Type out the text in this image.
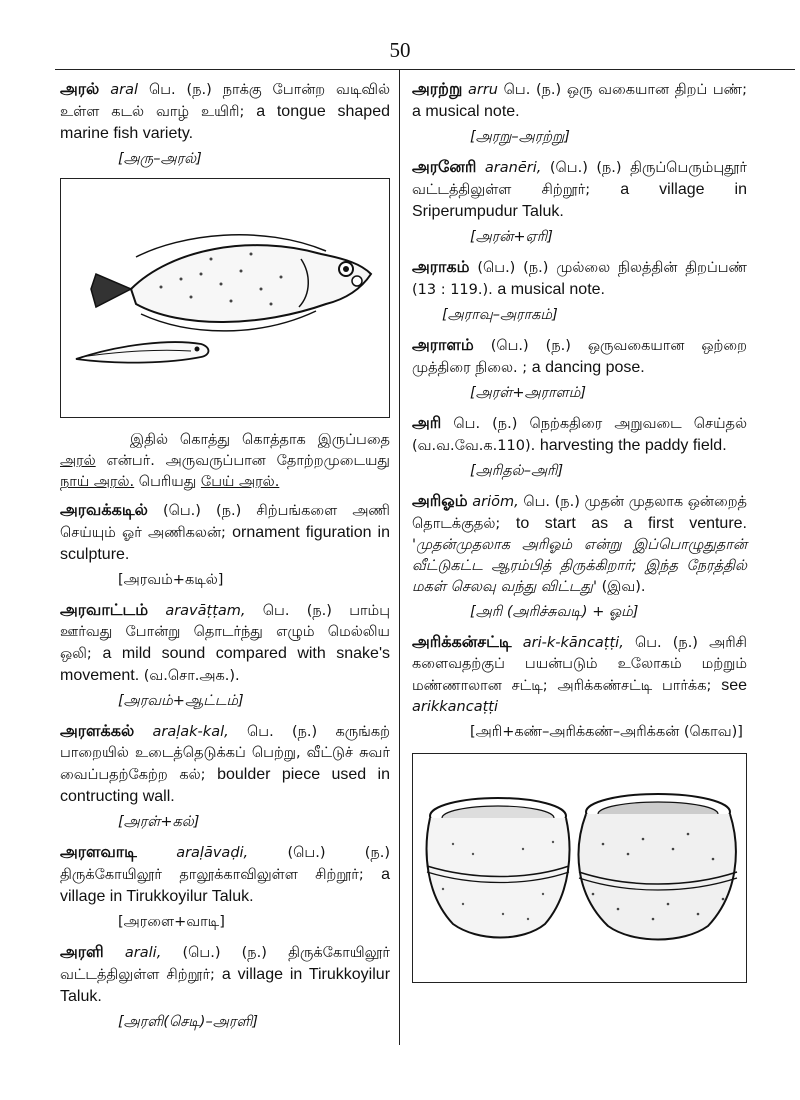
50
அரல் aral பெ. (ந.) நாக்கு போன்ற வடிவில் உள்ள கடல் வாழ் உயிரி; a tongue shaped marine fish variety.
[அரு–அரல்]
இதில் கொத்து கொத்தாக இருப்பதை அரல் என்பர். அருவருப்பான தோற்றமுடையது நாய் அரல். பெரியது பேய் அரல்.
அரவக்கடில் (பெ.) (ந.) சிற்பங்களை அணி செய்யும் ஓர் அணிகலன்; ornament figuration in sculpture.
[அரவம்+கடில்]
அரவாட்டம் aravāṭṭam, பெ. (ந.) பாம்பு ஊர்வது போன்று தொடர்ந்து எழும் மெல்லிய ஒலி; a mild sound compared with snake's movement. (வ.சொ.அக.).
[அரவம்+ஆட்டம்]
அரளக்கல் araḷak-kal, பெ. (ந.) கருங்கற் பாறையில் உடைத்தெடுக்கப் பெற்று, வீட்டுச் சுவர் வைப்பதற்கேற்ற கல்; boulder piece used in contructing wall.
[அரள்+கல்]
அரளவாடி	araḷāvaḍi,	(பெ.) (ந.) திருக்கோயிலூர் தாலூக்காவிலுள்ள சிற்றூர்; a village in Tirukkoyilur Taluk.
[அரளை+வாடி]
அரளி arali, (பெ.) (ந.) திருக்கோயிலூர் வட்டத்திலுள்ள சிற்றூர்; a village in Tirukkoyilur Taluk.
[அரளி(செடி)–அரளி]
அரற்று arru பெ. (ந.) ஒரு வகையான திறப் பண்; a musical note.
[அரறு–அரற்று]
அரனேரி aranēri, (பெ.) (ந.) திருப்பெரும்புதூர் வட்டத்திலுள்ள சிற்றூர்; a village in Sriperumpudur Taluk.
[அரன்+ஏரி]
அராகம் (பெ.) (ந.) முல்லை நிலத்தின் திறப்பண் (13 : 119.). a musical note.
[அராவு–அராகம்]
அராளம் (பெ.) (ந.) ஒருவகையான ஒற்றை முத்திரை நிலை. ; a dancing pose.
[அரள்+அராளம்]
அரி பெ. (ந.) நெற்கதிரை அறுவடை செய்தல் (வ.வ.வே.க.110). harvesting the paddy field.
[அரிதல்–அரி]
அரிஓம் ariōm, பெ. (ந.) முதன் முதலாக ஒன்றைத் தொடக்குதல்; to start as a first venture. 'முதன்முதலாக அரிஓம் என்று இப்பொழுதுதான் வீட்டுகட்ட ஆரம்பித் திருக்கிறார்; இந்த நேரத்தில் மகள் செலவு வந்து விட்டது' (இவ).
[அரி (அரிச்சுவடி) + ஓம்]
அரிக்கன்சட்டி ari-k-kāncaṭṭi, பெ. (ந.) அரிசி களைவதற்குப் பயன்படும் உலோகம் மற்றும் மண்ணாலான சட்டி; அரிக்கண்சட்டி பார்க்க; see arikkancaṭṭi
[அரி+கண்–அரிக்கண்–அரிக்கன் (கொவ)]
